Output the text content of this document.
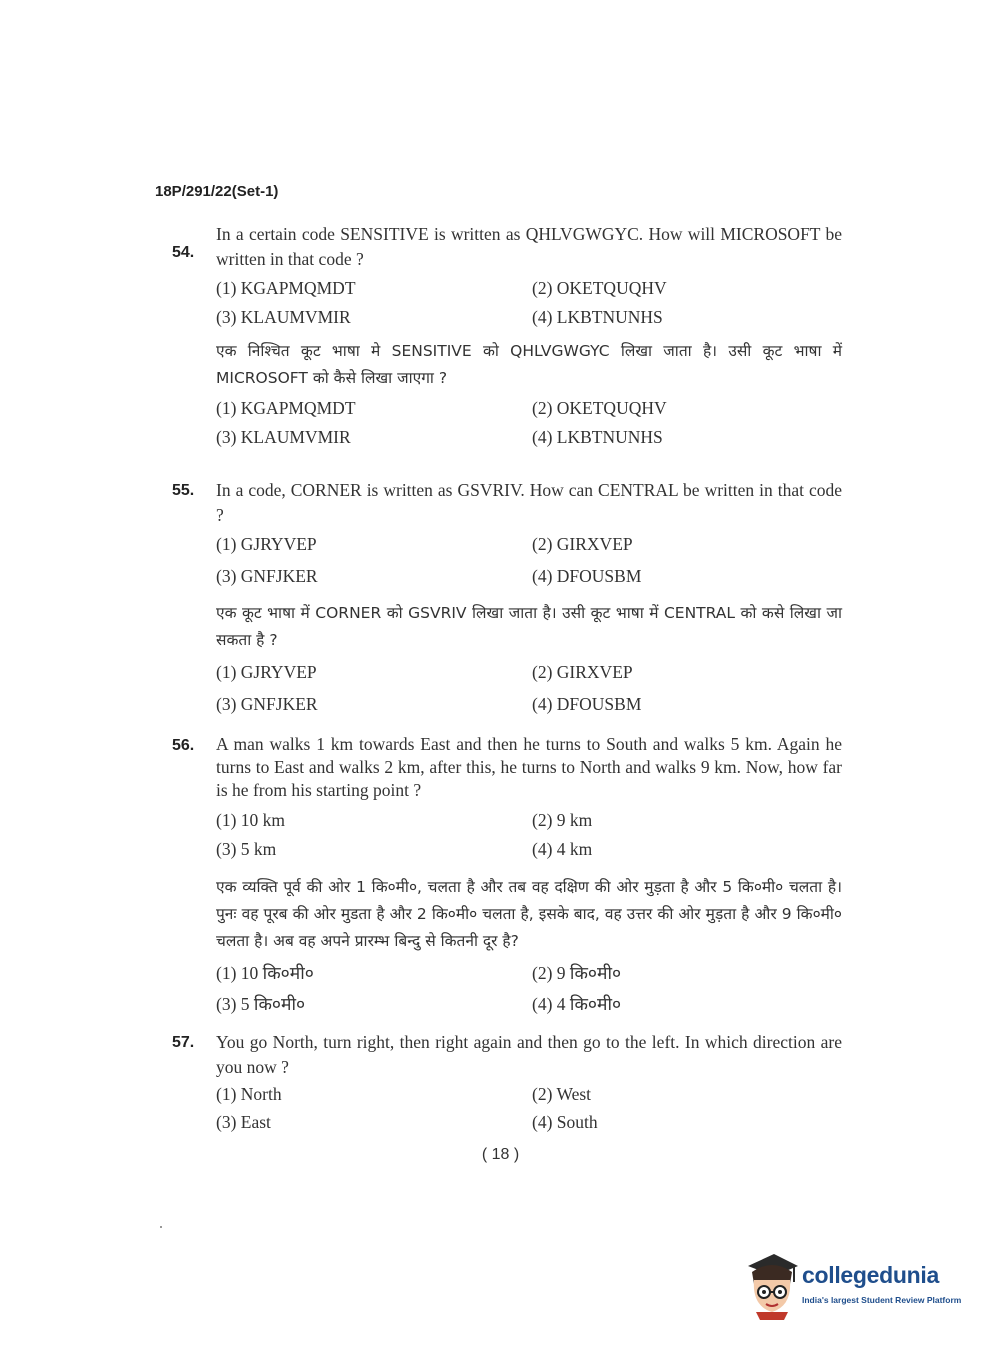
18P/291/22(Set-1)
54.
In a certain code SENSITIVE is written as QHLVGWGYC. How will MICROSOFT be written in that code ?
(1) KGAPMQMDT	(2) OKETQUQHV
(3) KLAUMVMIR	(4) LKBTNUNHS
एक निश्चित कूट भाषा मे SENSITIVE को QHLVGWGYC लिखा जाता है। उसी कूट भाषा में MICROSOFT को कैसे लिखा जाएगा ?
(1) KGAPMQMDT	(2) OKETQUQHV
(3) KLAUMVMIR	(4) LKBTNUNHS
55. In a code, CORNER is written as GSVRIV. How can CENTRAL be written in that code ?
(1) GJRYVEP	(2) GIRXVEP
(3) GNFJKER	(4) DFOUSBM
एक कूट भाषा में CORNER को GSVRIV लिखा जाता है। उसी कूट भाषा में CENTRAL को कसे लिखा जा सकता है ?
(1) GJRYVEP	(2) GIRXVEP
(3) GNFJKER	(4) DFOUSBM
56. A man walks 1 km towards East and then he turns to South and walks 5 km. Again he turns to East and walks 2 km, after this, he turns to North and walks 9 km. Now, how far is he from his starting point ?
(1) 10 km	(2) 9 km
(3) 5 km	(4) 4 km
एक व्यक्ति पूर्व की ओर 1 कि०मी०, चलता है और तब वह दक्षिण की ओर मुड़ता है और 5 कि०मी० चलता है। पुनः वह पूरब की ओर मुडता है और 2 कि०मी० चलता है, इसके बाद, वह उत्तर की ओर मुड़ता है और 9 कि०मी० चलता है। अब वह अपने प्रारम्भ बिन्दु से कितनी दूर है?
(1) 10 कि०मी०	(2) 9 कि०मी०
(3) 5 कि०मी०	(4) 4 कि०मी०
57. You go North, turn right, then right again and then go to the left. In which direction are you now ?
(1) North	(2) West
(3) East	(4) South
( 18 )
collegedunia
India's largest Student Review Platform
